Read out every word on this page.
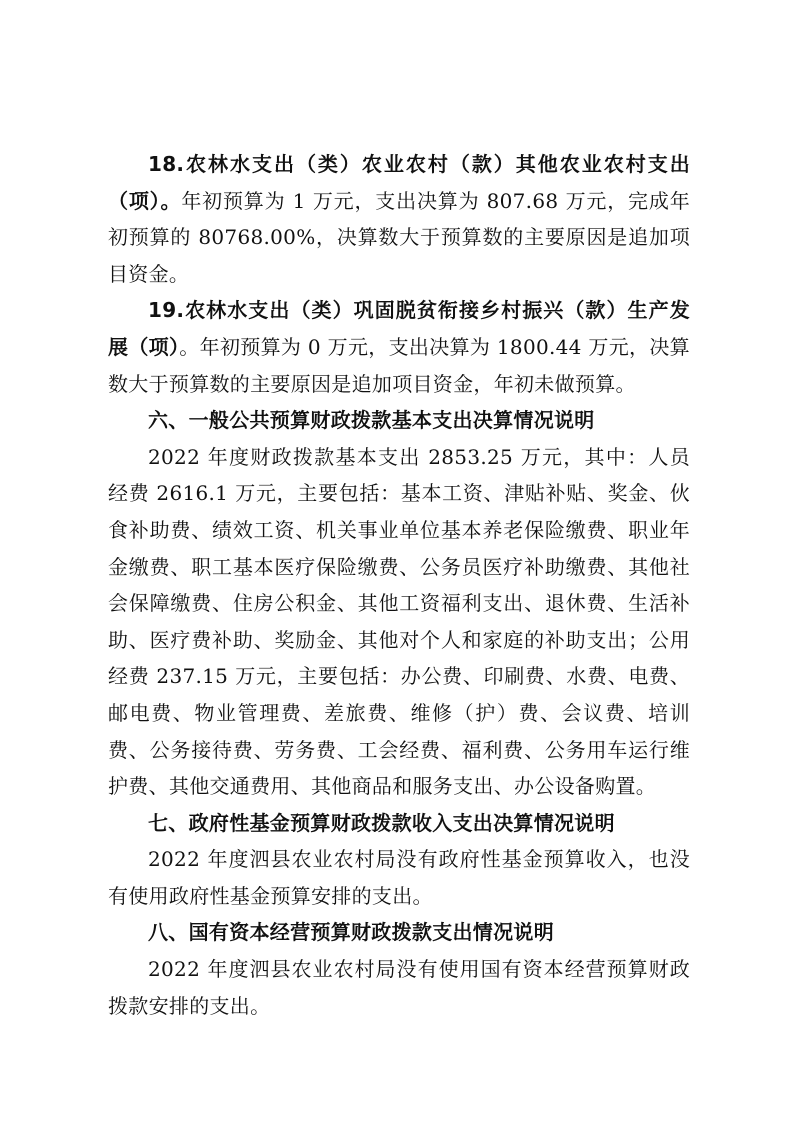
18.农林水支出（类）农业农村（款）其他农业农村支出（项）。年初预算为 1 万元，支出决算为 807.68 万元，完成年初预算的 80768.00%，决算数大于预算数的主要原因是追加项目资金。

19.农林水支出（类）巩固脱贫衔接乡村振兴（款）生产发展（项）。年初预算为 0 万元，支出决算为 1800.44 万元，决算数大于预算数的主要原因是追加项目资金，年初未做预算。

六、一般公共预算财政拨款基本支出决算情况说明

2022 年度财政拨款基本支出 2853.25 万元，其中：人员经费 2616.1 万元，主要包括：基本工资、津贴补贴、奖金、伙食补助费、绩效工资、机关事业单位基本养老保险缴费、职业年金缴费、职工基本医疗保险缴费、公务员医疗补助缴费、其他社会保障缴费、住房公积金、其他工资福利支出、退休费、生活补助、医疗费补助、奖励金、其他对个人和家庭的补助支出；公用经费 237.15 万元，主要包括：办公费、印刷费、水费、电费、邮电费、物业管理费、差旅费、维修（护）费、会议费、培训费、公务接待费、劳务费、工会经费、福利费、公务用车运行维护费、其他交通费用、其他商品和服务支出、办公设备购置。

七、政府性基金预算财政拨款收入支出决算情况说明

2022 年度泗县农业农村局没有政府性基金预算收入，也没有使用政府性基金预算安排的支出。

八、国有资本经营预算财政拨款支出情况说明

2022 年度泗县农业农村局没有使用国有资本经营预算财政拨款安排的支出。
